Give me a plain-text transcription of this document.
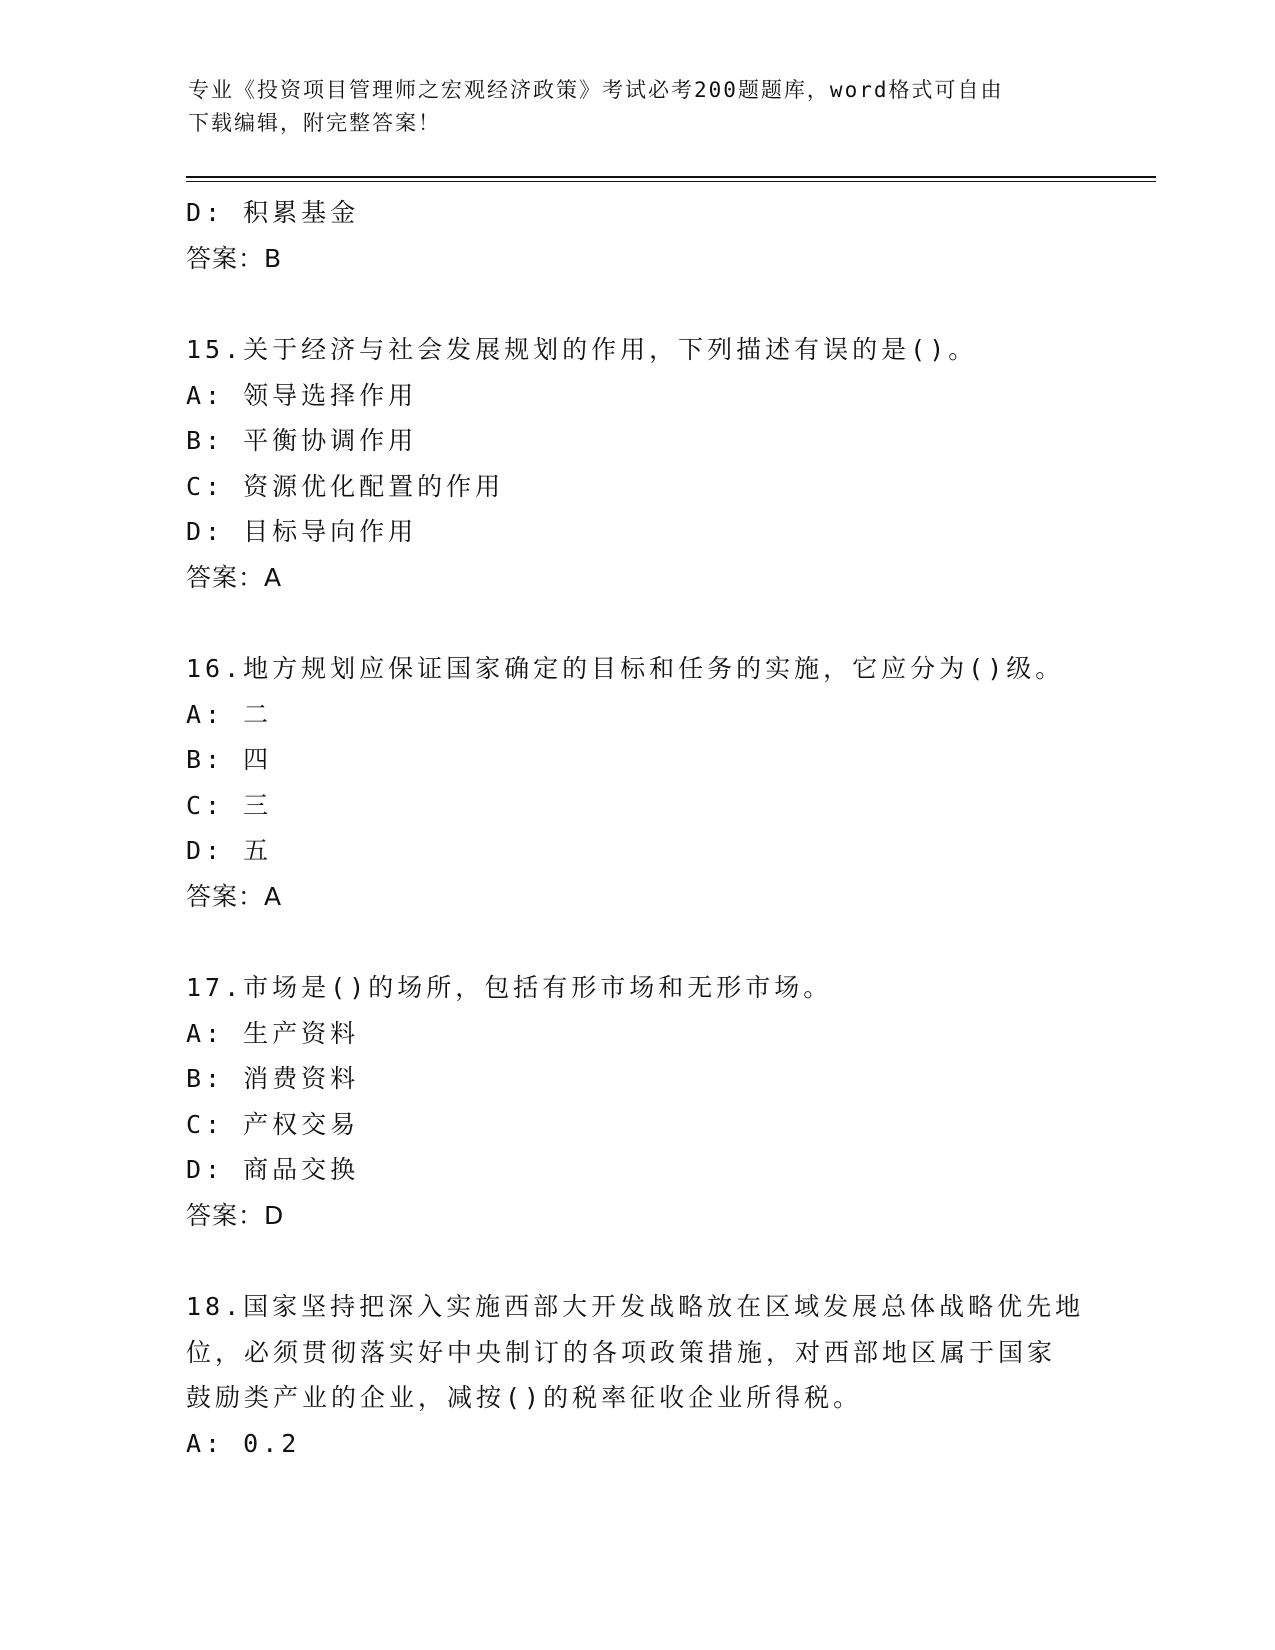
专业《投资项目管理师之宏观经济政策》考试必考200题题库，word格式可自由
下载编辑，附完整答案！
D: 积累基金
答案：B
15.关于经济与社会发展规划的作用，下列描述有误的是()。
A: 领导选择作用
B: 平衡协调作用
C: 资源优化配置的作用
D: 目标导向作用
答案：A
16.地方规划应保证国家确定的目标和任务的实施，它应分为()级。
A: 二
B: 四
C: 三
D: 五
答案：A
17.市场是()的场所，包括有形市场和无形市场。
A: 生产资料
B: 消费资料
C: 产权交易
D: 商品交换
答案：D
18.国家坚持把深入实施西部大开发战略放在区域发展总体战略优先地
位，必须贯彻落实好中央制订的各项政策措施，对西部地区属于国家
鼓励类产业的企业，减按()的税率征收企业所得税。
A: 0.2
